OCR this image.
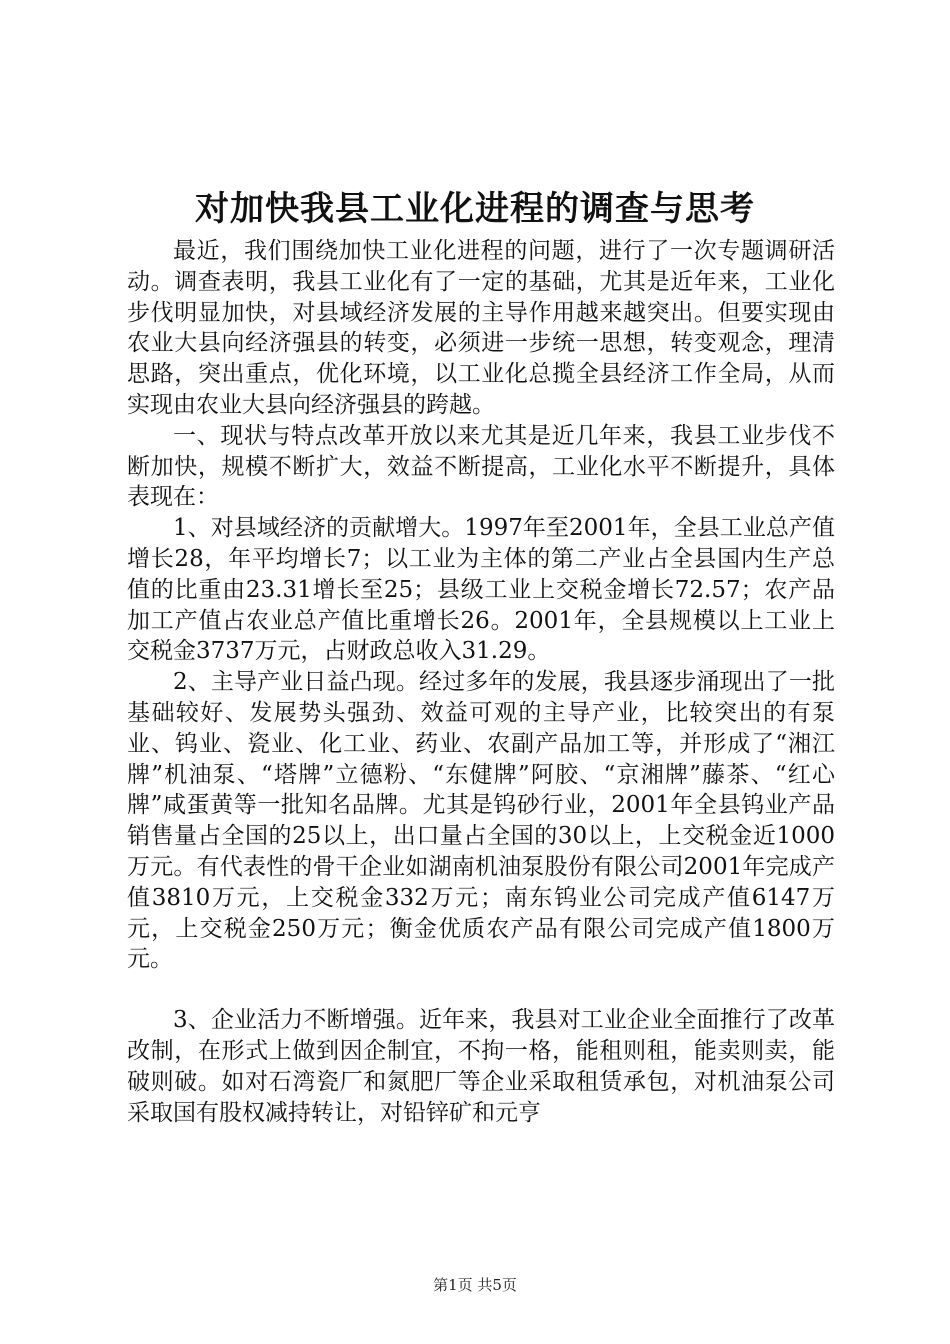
对加快我县工业化进程的调查与思考

最近，我们围绕加快工业化进程的问题，进行了一次专题调研活动。调查表明，我县工业化有了一定的基础，尤其是近年来，工业化步伐明显加快，对县域经济发展的主导作用越来越突出。但要实现由农业大县向经济强县的转变，必须进一步统一思想，转变观念，理清思路，突出重点，优化环境，以工业化总揽全县经济工作全局，从而实现由农业大县向经济强县的跨越。

一、现状与特点改革开放以来尤其是近几年来，我县工业步伐不断加快，规模不断扩大，效益不断提高，工业化水平不断提升，具体表现在：

1、对县域经济的贡献增大。1997年至2001年，全县工业总产值增长28，年平均增长7；以工业为主体的第二产业占全县国内生产总值的比重由23.31增长至25；县级工业上交税金增长72.57；农产品加工产值占农业总产值比重增长26。2001年，全县规模以上工业上交税金3737万元，占财政总收入31.29。

2、主导产业日益凸现。经过多年的发展，我县逐步涌现出了一批基础较好、发展势头强劲、效益可观的主导产业，比较突出的有泵业、钨业、瓷业、化工业、药业、农副产品加工等，并形成了“湘江牌”机油泵、“塔牌”立德粉、“东健牌”阿胶、“京湘牌”藤茶、“红心牌”咸蛋黄等一批知名品牌。尤其是钨砂行业，2001年全县钨业产品销售量占全国的25以上，出口量占全国的30以上，上交税金近1000万元。有代表性的骨干企业如湖南机油泵股份有限公司2001年完成产值3810万元，上交税金332万元；南东钨业公司完成产值6147万元，上交税金250万元；衡金优质农产品有限公司完成产值1800万元。

3、企业活力不断增强。近年来，我县对工业企业全面推行了改革改制，在形式上做到因企制宜，不拘一格，能租则租，能卖则卖，能破则破。如对石湾瓷厂和氮肥厂等企业采取租赁承包，对机油泵公司采取国有股权减持转让，对铅锌矿和元亨

第1页 共5页
